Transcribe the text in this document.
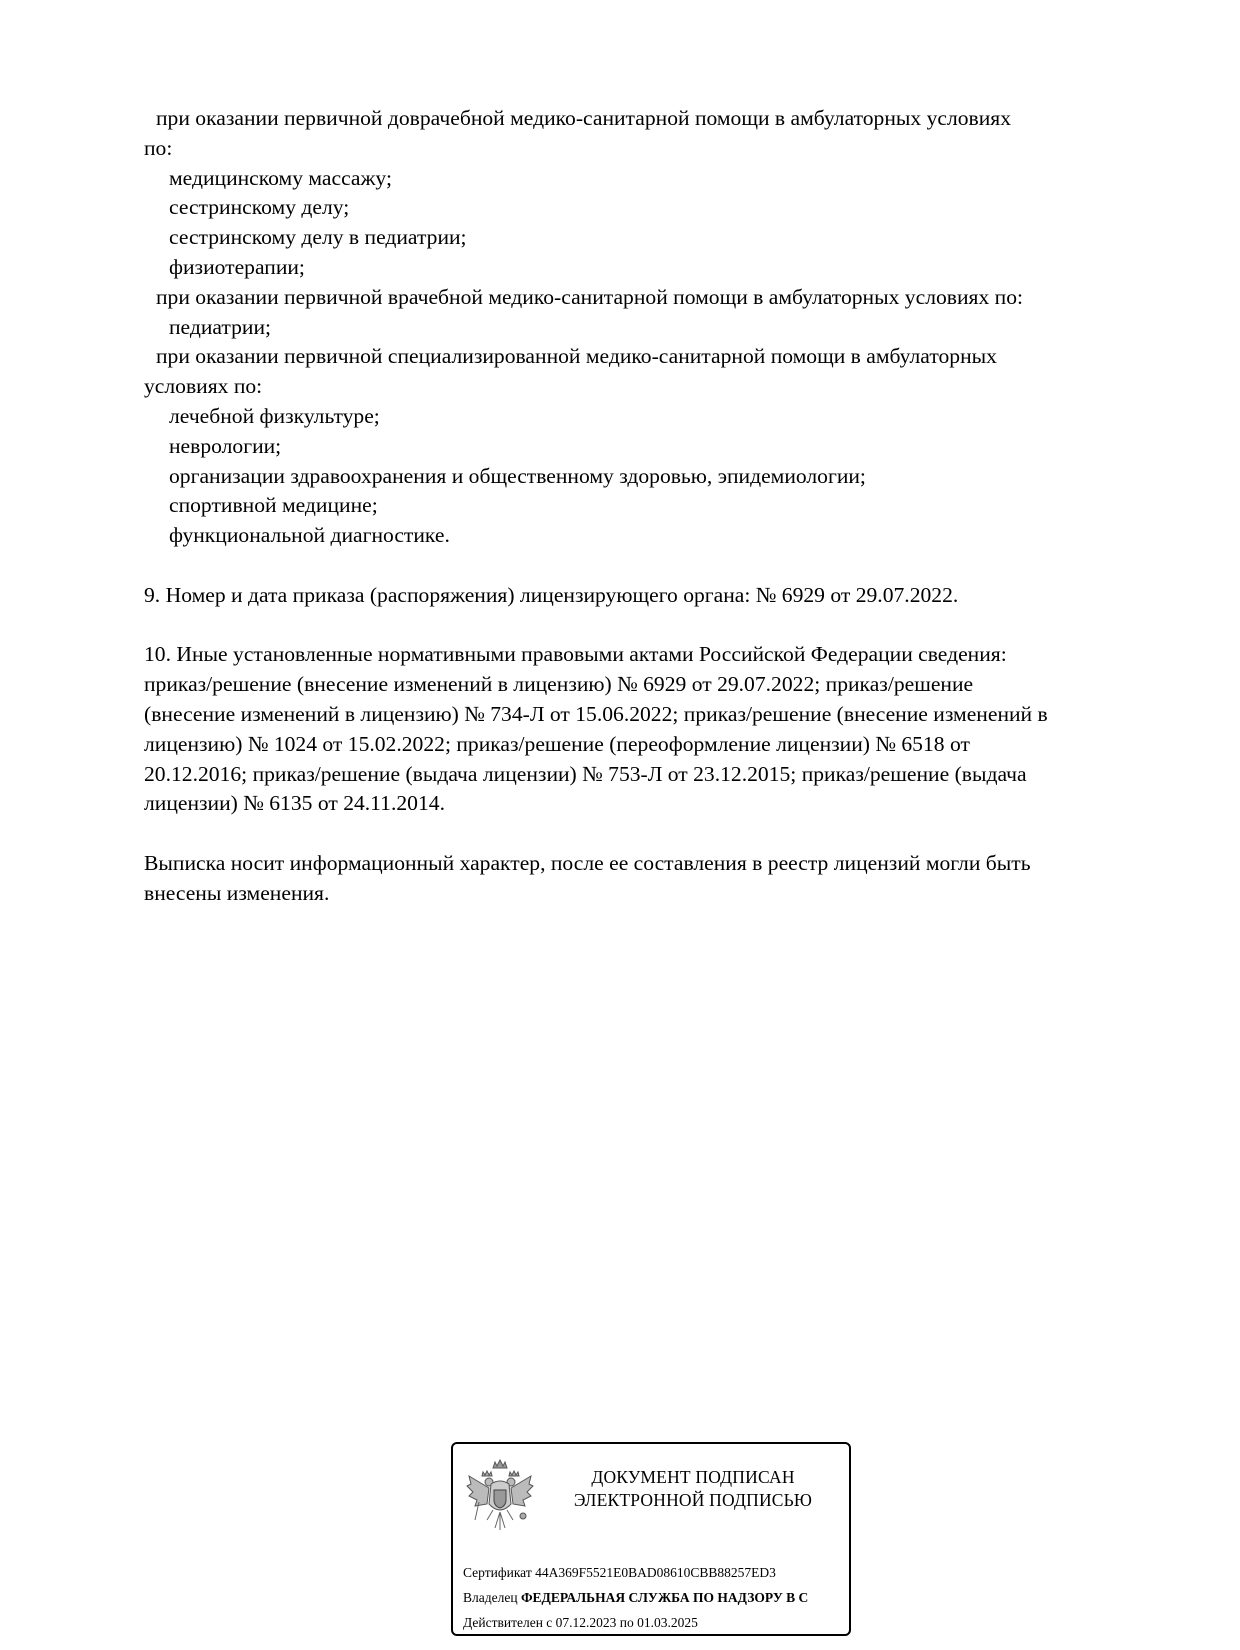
при оказании первичной доврачебной медико-санитарной помощи в амбулаторных условиях
по:
медицинскому массажу;
сестринскому делу;
сестринскому делу в педиатрии;
физиотерапии;
при оказании первичной врачебной медико-санитарной помощи в амбулаторных условиях по:
педиатрии;
при оказании первичной специализированной медико-санитарной помощи в амбулаторных
условиях по:
лечебной физкультуре;
неврологии;
организации здравоохранения и общественному здоровью, эпидемиологии;
спортивной медицине;
функциональной диагностике.
9. Номер и дата приказа (распоряжения) лицензирующего органа: № 6929 от 29.07.2022.
10. Иные установленные нормативными правовыми актами Российской Федерации сведения:
приказ/решение (внесение изменений в лицензию) № 6929 от 29.07.2022; приказ/решение
(внесение изменений в лицензию) № 734-Л от 15.06.2022; приказ/решение (внесение изменений в
лицензию) № 1024 от 15.02.2022; приказ/решение (переоформление лицензии) № 6518 от
20.12.2016; приказ/решение (выдача лицензии) № 753-Л от 23.12.2015; приказ/решение (выдача
лицензии) № 6135 от 24.11.2014.
Выписка носит информационный характер, после ее составления в реестр лицензий могли быть
внесены изменения.
ДОКУМЕНТ ПОДПИСАН
ЭЛЕКТРОННОЙ ПОДПИСЬЮ
Сертификат 44A369F5521E0BAD08610CBB88257ED3
Владелец ФЕДЕРАЛЬНАЯ СЛУЖБА ПО НАДЗОРУ В С
Действителен с 07.12.2023 по 01.03.2025
